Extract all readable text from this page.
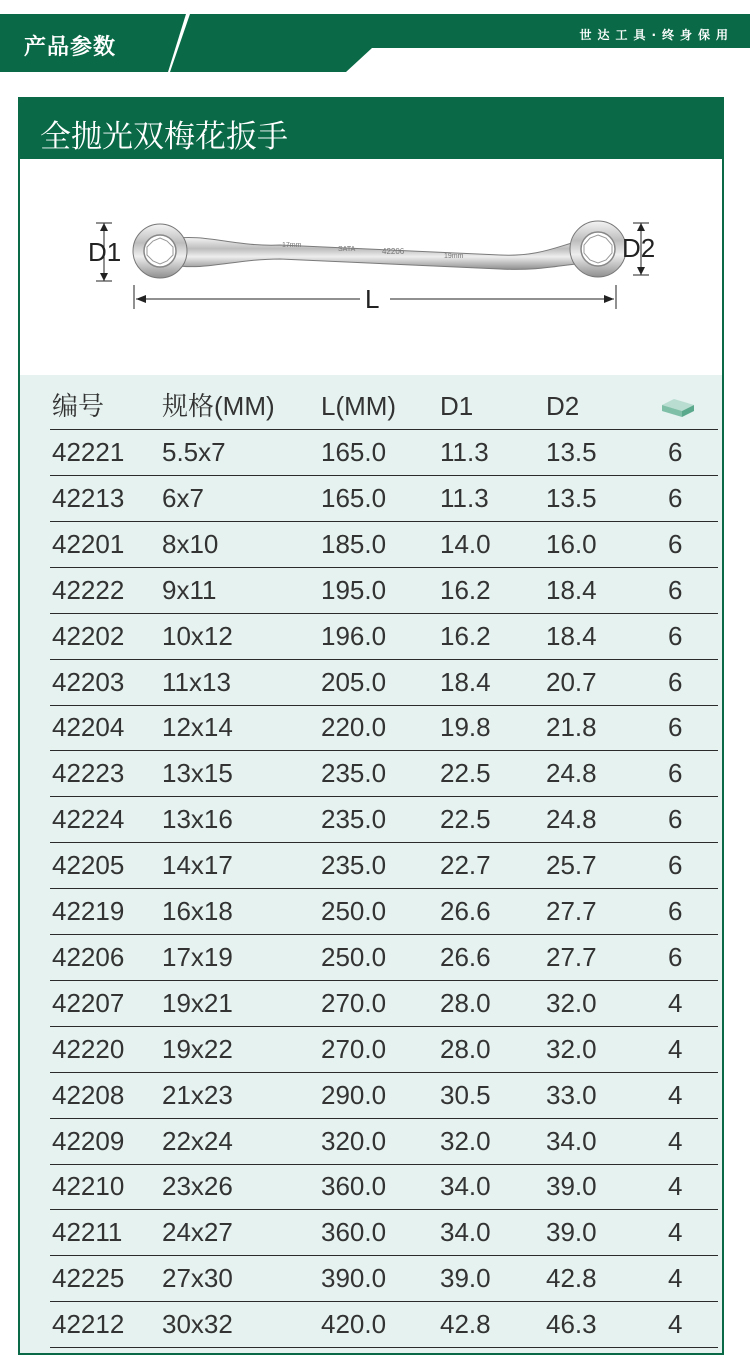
产品参数	世达工具·终身保用
全抛光双梅花扳手
17mm
SATA	42206
19mm
D1	D2
L
编号 规格(MM) L(MM) D1	D2
42221 5.5x7	165.0 11.3 13.5	6
42213 6x7	165.0 11.3 13.5	6
42201 8x10	185.0 14.0 16.0	6
42222 9x11	195.0 16.2 18.4	6
42202 10x12	196.0 16.2 18.4	6
42203 11x13	205.0 18.4 20.7	6
42204 12x14	220.0 19.8 21.8	6
42223 13x15	235.0 22.5 24.8	6
42224 13x16	235.0 22.5 24.8	6
42205 14x17	235.0 22.7 25.7	6
42219 16x18	250.0 26.6 27.7	6
42206 17x19	250.0 26.6 27.7	6
42207 19x21	270.0 28.0 32.0	4
42220 19x22	270.0 28.0 32.0	4
42208 21x23	290.0 30.5 33.0	4
42209 22x24	320.0 32.0 34.0	4
42210 23x26	360.0 34.0 39.0	4
42211 24x27	360.0 34.0 39.0	4
42225 27x30	390.0 39.0 42.8	4
42212 30x32	420.0 42.8 46.3	4
